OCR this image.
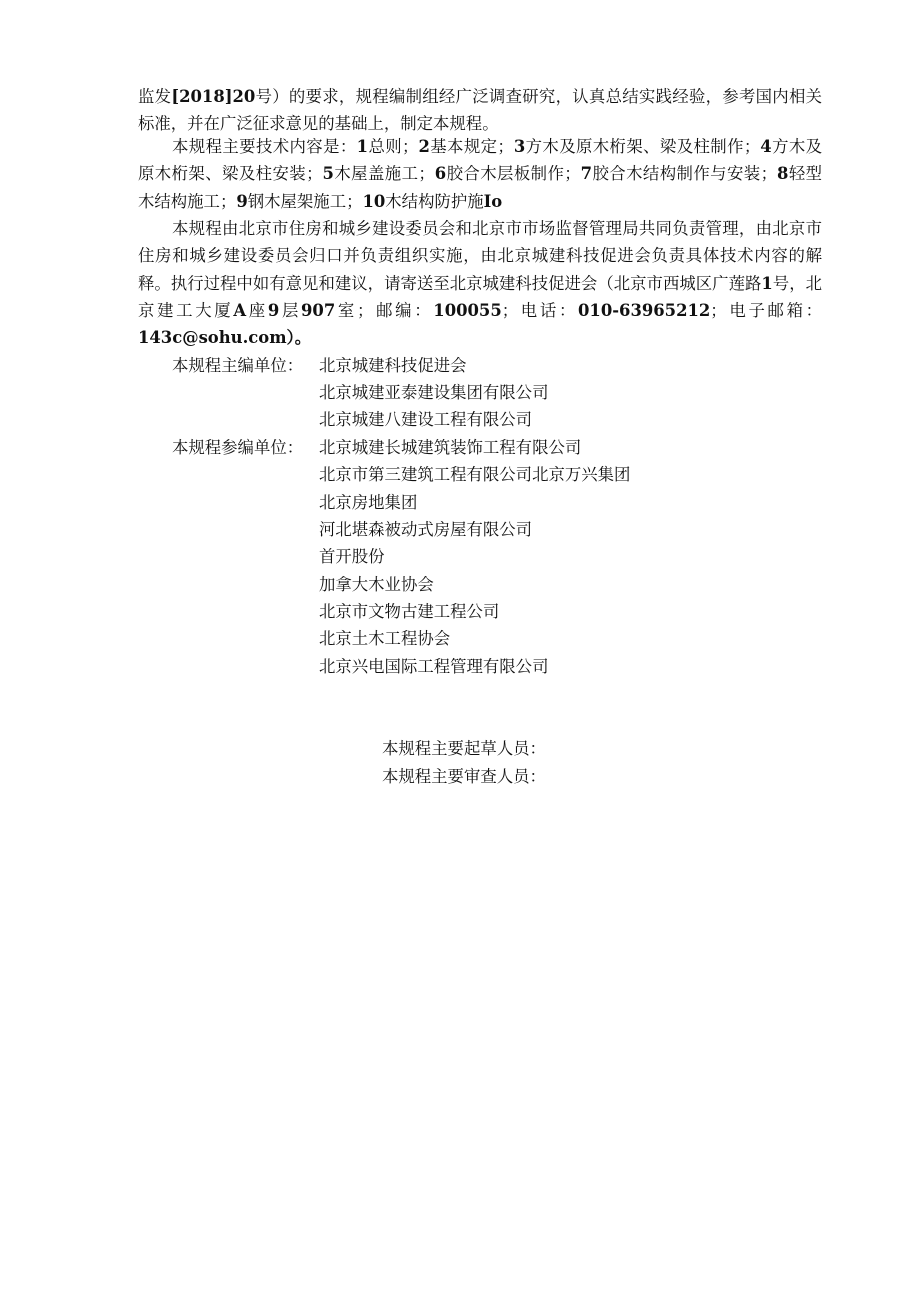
监发[2018]20号）的要求，规程编制组经广泛调查研究，认真总结实践经验，参考国内相关标准，并在广泛征求意见的基础上，制定本规程。

本规程主要技术内容是：1总则；2基本规定；3方木及原木桁架、梁及柱制作；4方木及原木桁架、梁及柱安装；5木屋盖施工；6胶合木层板制作；7胶合木结构制作与安装；8轻型木结构施工；9钢木屋架施工；10木结构防护施Io

本规程由北京市住房和城乡建设委员会和北京市市场监督管理局共同负责管理，由北京市住房和城乡建设委员会归口并负责组织实施，由北京城建科技促进会负责具体技术内容的解释。执行过程中如有意见和建议，请寄送至北京城建科技促进会（北京市西城区广莲路1号，北京建工大厦A座9层907室；邮编：100055；电话：010-63965212；电子邮箱：143c@sohu.com）。

本规程主编单位： 北京城建科技促进会

北京城建亚泰建设集团有限公司

北京城建八建设工程有限公司

本规程参编单位： 北京城建长城建筑装饰工程有限公司

北京市第三建筑工程有限公司北京万兴集团

北京房地集团

河北堪森被动式房屋有限公司

首开股份

加拿大木业协会

北京市文物古建工程公司

北京土木工程协会

北京兴电国际工程管理有限公司

本规程主要起草人员：

本规程主要审查人员：
